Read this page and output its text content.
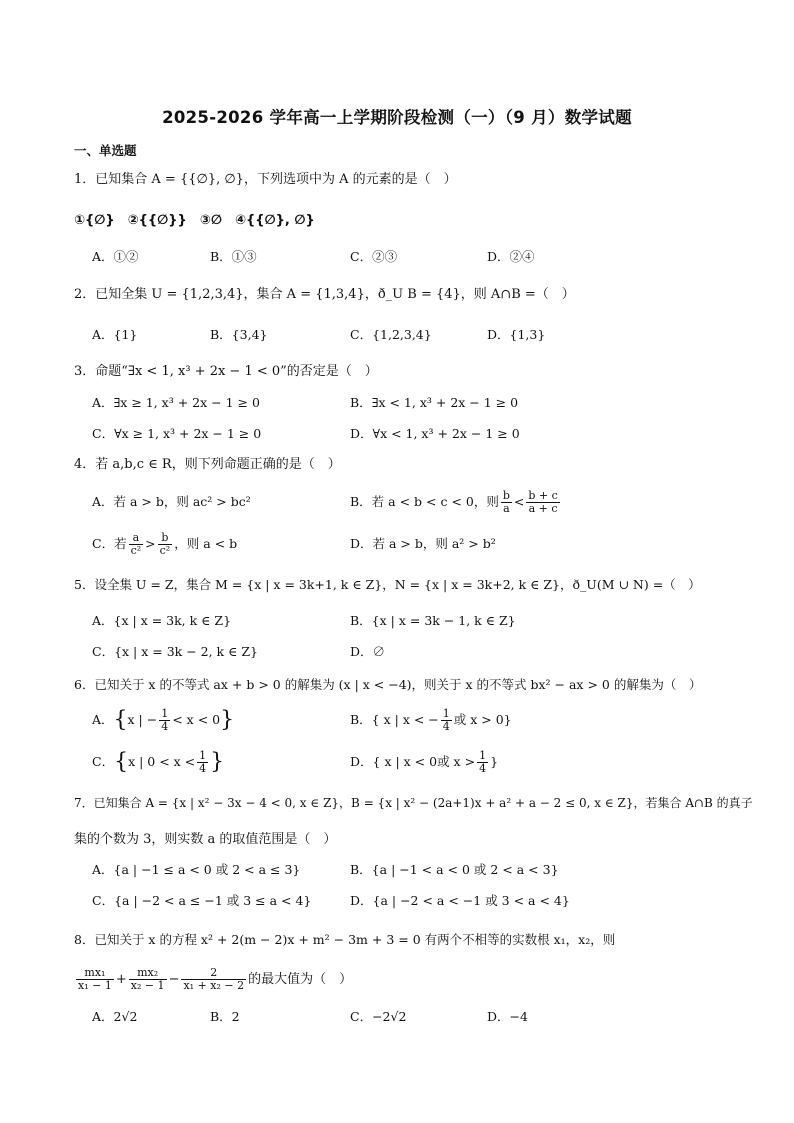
2025-2026 学年高一上学期阶段检测（一）（9 月）数学试题
一、单选题
1．已知集合 A = {{∅}, ∅}，下列选项中为 A 的元素的是（　）
①{∅}　②{{∅}}　③∅　④{{∅}, ∅}
A．①②	B．①③	C．②③	D．②④
2．已知全集 U = {1,2,3,4}，集合 A = {1,3,4}，ð_U B = {4}，则 A∩B =（　）
A．{1}	B．{3,4}	C．{1,2,3,4}	D．{1,3}
3．命题“∃x < 1, x³ + 2x − 1 < 0”的否定是（　）
A．∃x ≥ 1, x³ + 2x − 1 ≥ 0	B．∃x < 1, x³ + 2x − 1 ≥ 0
C．∀x ≥ 1, x³ + 2x − 1 ≥ 0	D．∀x < 1, x³ + 2x − 1 ≥ 0
4．若 a,b,c ∈ R，则下列命题正确的是（　）
A．若 a > b，则 ac² > bc²	B．若 a < b < c < 0，则 $\frac{b}{a} < \frac{b + c}{a + c}$
C．若 $\frac{a}{\text{c²}} > \frac{b}{\text{c²}}$ ，则 a < b	D．若 a > b，则 a² > b²
5．设全集 U = Z，集合 M = {x | x = 3k+1, k ∈ Z}，N = {x | x = 3k+2, k ∈ Z}，ð_U(M ∪ N) =（　）
A．{x | x = 3k, k ∈ Z}	B．{x | x = 3k − 1, k ∈ Z}
C．{x | x = 3k − 2, k ∈ Z}	D．∅
6．已知关于 x 的不等式 ax + b > 0 的解集为 (x | x < −4)，则关于 x 的不等式 bx² − ax > 0 的解集为（　）
A．{x | − $\frac{1}{4} < x < 0$}	B．{ x | x < − $\frac{1}{4}$ 或 x > 0}
C．{x | $0 < x < \frac{1}{4}$ }	D．{ x | x < 0或 $x > \frac{1}{4}$ }
7．已知集合 A = {x | x² − 3x − 4 < 0, x ∈ Z}，B = {x | x² − (2a+1)x + a² + a − 2 ≤ 0, x ∈ Z}，若集合 A∩B 的真子
集的个数为 3，则实数 a 的取值范围是（　）
A．{a | −1 ≤ a < 0 或 2 < a ≤ 3}	B．{a | −1 < a < 0 或 2 < a < 3}
C．{a | −2 < a ≤ −1 或 3 ≤ a < 4}	D．{a | −2 < a < −1 或 3 < a < 4}
8．已知关于 x 的方程 x² + 2(m − 2)x + m² − 3m + 3 = 0 有两个不相等的实数根 x₁，x₂，则
$\frac{\text{mx₁}}{\text{x₁ − 1}} + \frac{\text{mx₂}}{\text{x₂ − 1}} - \frac{2}{\text{x₁ + x₂ − 2}}$ 的最大值为（　）
A．2√2	B．2	C．−2√2	D．−4
